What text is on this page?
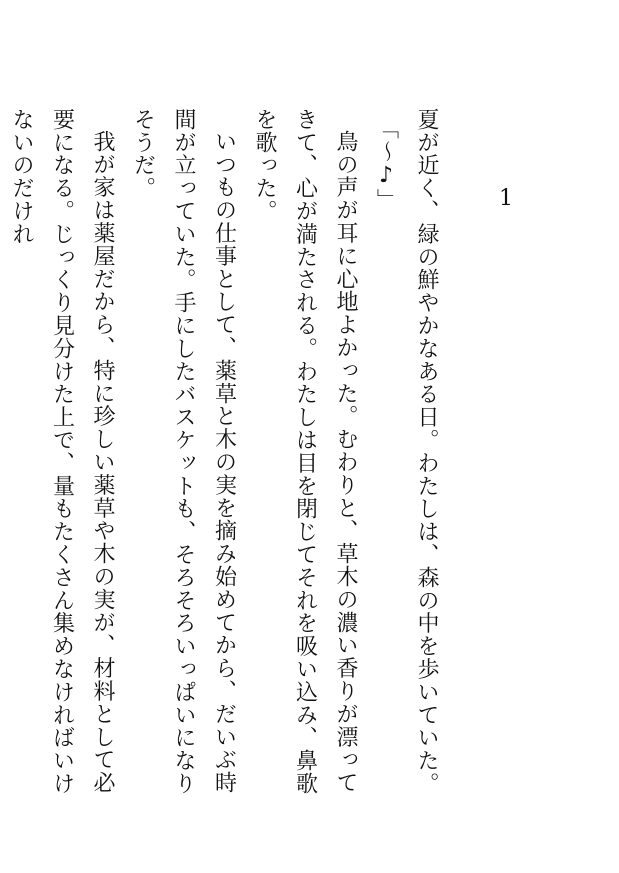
1

夏が近く、緑の鮮やかなある日。わたしは、森の中を歩いていた。

「〜♪」

鳥の声が耳に心地よかった。むわりと、草木の濃い香りが漂ってきて、心が満たされる。わたしは目を閉じてそれを吸い込み、鼻歌を歌った。

いつもの仕事として、薬草と木の実を摘み始めてから、だいぶ時間が立っていた。手にしたバスケットも、そろそろいっぱいになりそうだ。

我が家は薬屋だから、特に珍しい薬草や木の実が、材料として必要になる。じっくり見分けた上で、量もたくさん集めなければいけないのだけれ
